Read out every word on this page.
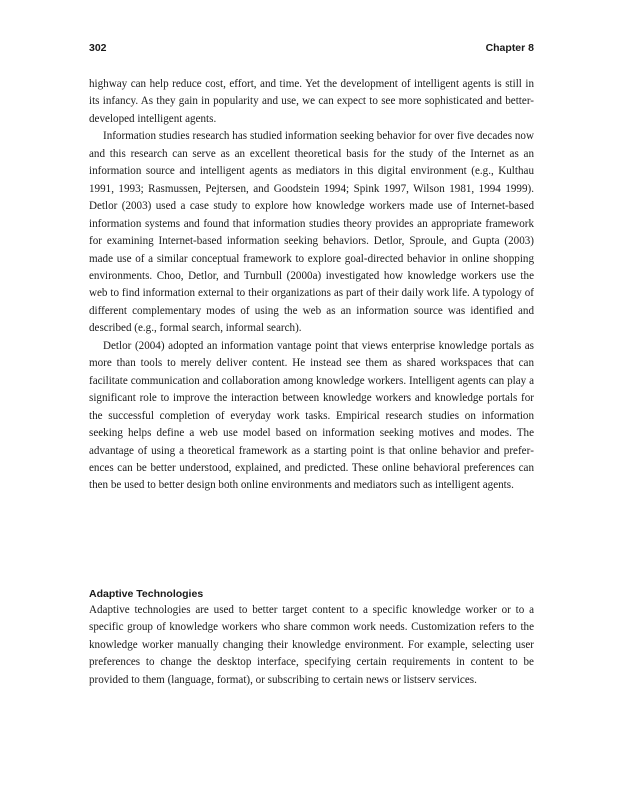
302	Chapter 8

highway can help reduce cost, effort, and time. Yet the development of intelligent agents is still in its infancy. As they gain in popularity and use, we can expect to see more sophisticated and better-developed intelligent agents.

Information studies research has studied information seeking behavior for over five decades now and this research can serve as an excellent theoretical basis for the study of the Internet as an information source and intelligent agents as mediators in this digital environment (e.g., Kulthau 1991, 1993; Rasmussen, Pejtersen, and Goodstein 1994; Spink 1997, Wilson 1981, 1994 1999). Detlor (2003) used a case study to explore how knowledge workers made use of Internet-based information systems and found that information studies theory provides an appropriate framework for examining Internet-based information seeking behaviors. Detlor, Sproule, and Gupta (2003) made use of a similar conceptual framework to explore goal-directed behavior in online shopping environments. Choo, Detlor, and Turnbull (2000a) investigated how knowledge workers use the web to find information external to their organizations as part of their daily work life. A typology of different complementary modes of using the web as an information source was identified and described (e.g., formal search, informal search).

Detlor (2004) adopted an information vantage point that views enterprise knowledge portals as more than tools to merely deliver content. He instead see them as shared workspaces that can facilitate communication and collaboration among knowledge workers. Intelligent agents can play a significant role to improve the interaction between knowledge workers and knowledge portals for the successful completion of everyday work tasks. Empirical research studies on information seeking helps define a web use model based on information seeking motives and modes. The advantage of using a theoretical framework as a starting point is that online behavior and preferences can be better understood, explained, and predicted. These online behavioral preferences can then be used to better design both online environments and mediators such as intelligent agents.

Adaptive Technologies

Adaptive technologies are used to better target content to a specific knowledge worker or to a specific group of knowledge workers who share common work needs. Customization refers to the knowledge worker manually changing their knowledge environment. For example, selecting user preferences to change the desktop interface, specifying certain requirements in content to be provided to them (language, format), or subscribing to certain news or listserv services.
